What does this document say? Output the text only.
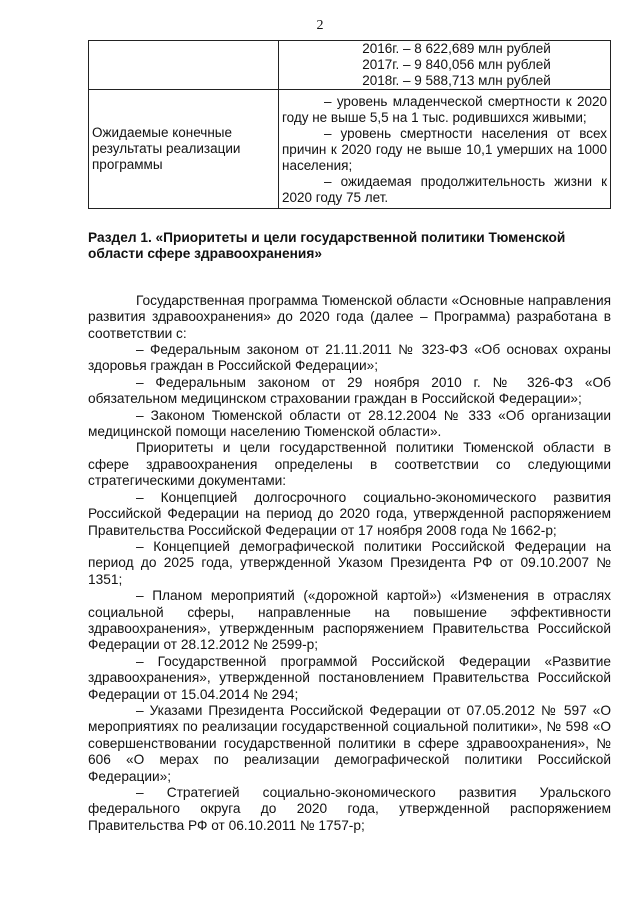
2

	2016г. – 8 622,689 млн рублей
2017г. – 9 840,056 млн рублей
2018г. – 9 588,713 млн рублей

Ожидаемые конечные результаты реализации программы	– уровень младенческой смертности к 2020 году не выше 5,5 на 1 тыс. родившихся живыми;

– уровень смертности населения от всех причин к 2020 году не выше 10,1 умерших на 1000 населения;

– ожидаемая продолжительность жизни к 2020 году 75 лет.

Раздел 1. «Приоритеты и цели государственной политики Тюменской области сфере здравоохранения»

Государственная программа Тюменской области «Основные направления развития здравоохранения» до 2020 года (далее – Программа) разработана в соответствии с:

– Федеральным законом от 21.11.2011 № 323-ФЗ «Об основах охраны здоровья граждан в Российской Федерации»;

– Федеральным законом от 29 ноября 2010 г. № 326-ФЗ «Об обязательном медицинском страховании граждан в Российской Федерации»;

– Законом Тюменской области от 28.12.2004 № 333 «Об организации медицинской помощи населению Тюменской области».

Приоритеты и цели государственной политики Тюменской области в сфере здравоохранения определены в соответствии со следующими стратегическими документами:

– Концепцией долгосрочного социально-экономического развития Российской Федерации на период до 2020 года, утвержденной распоряжением Правительства Российской Федерации от 17 ноября 2008 года № 1662-р;

– Концепцией демографической политики Российской Федерации на период до 2025 года, утвержденной Указом Президента РФ от 09.10.2007 № 1351;

– Планом мероприятий («дорожной картой») «Изменения в отраслях социальной сферы, направленные на повышение эффективности здравоохранения», утвержденным распоряжением Правительства Российской Федерации от 28.12.2012 № 2599-р;

– Государственной программой Российской Федерации «Развитие здравоохранения», утвержденной постановлением Правительства Российской Федерации от 15.04.2014 № 294;

– Указами Президента Российской Федерации от 07.05.2012 № 597 «О мероприятиях по реализации государственной социальной политики», № 598 «О совершенствовании государственной политики в сфере здравоохранения», № 606 «О мерах по реализации демографической политики Российской Федерации»;

– Стратегией социально-экономического развития Уральского федерального округа до 2020 года, утвержденной распоряжением Правительства РФ от 06.10.2011 № 1757-р;
